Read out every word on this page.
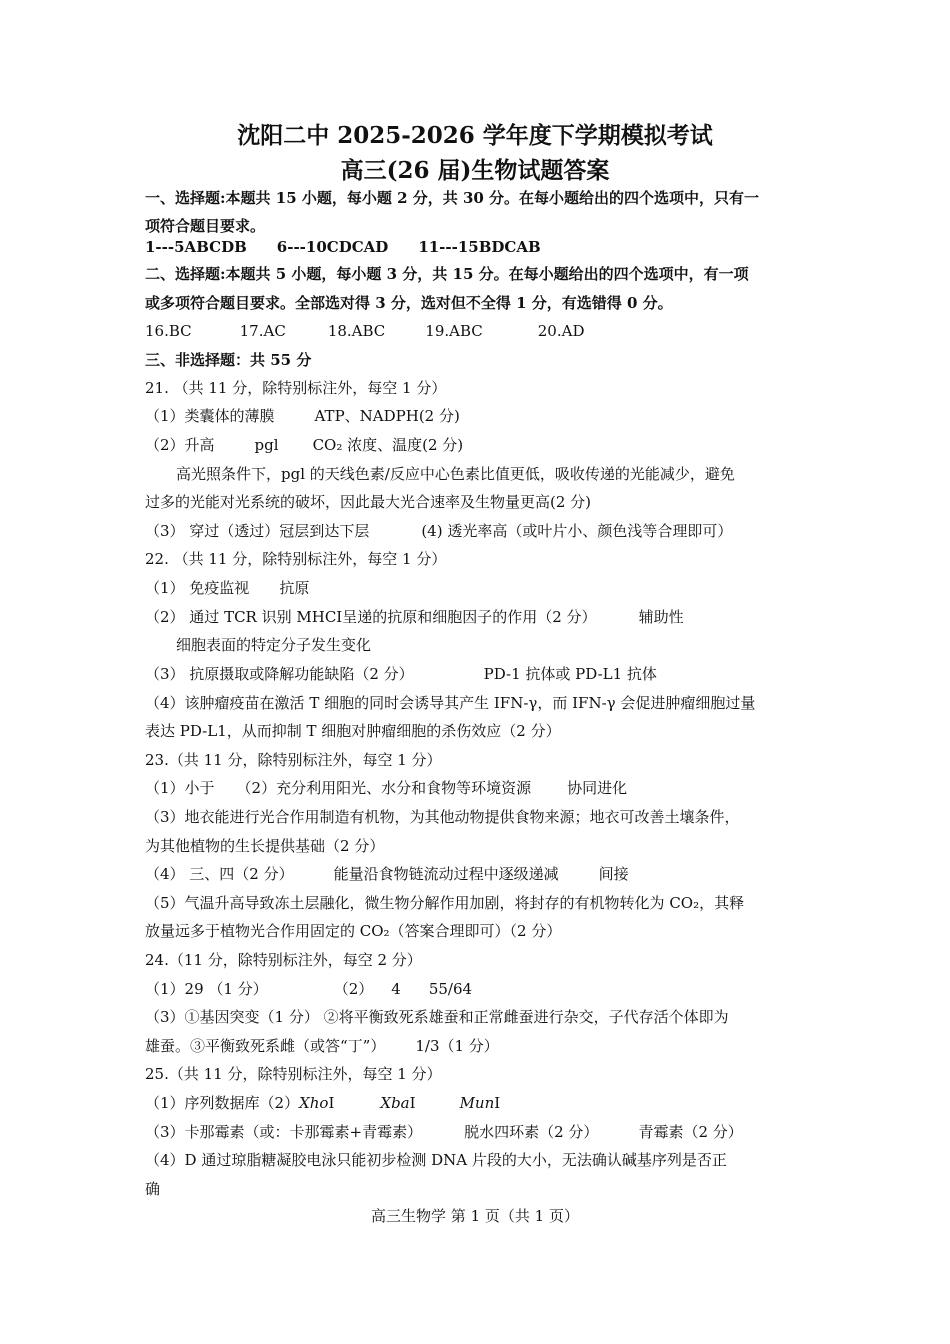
沈阳二中 2025-2026 学年度下学期模拟考试
高三(26 届)生物试题答案
一、选择题:本题共 15 小题，每小题 2 分，共 30 分。在每小题给出的四个选项中，只有一
项符合题目要求。
1---5ABCDB 6---10CDCAD 11---15BDCAB
二、选择题:本题共 5 小题，每小题 3 分，共 15 分。在每小题给出的四个选项中，有一项
或多项符合题目要求。全部选对得 3 分，选对但不全得 1 分，有选错得 0 分。
16.BC	17.AC	18.ABC	19.ABC	20.AD
三、非选择题：共 55 分
21. （共 11 分，除特别标注外，每空 1 分）
（1）类囊体的薄膜	ATP、NADPH(2 分)
（2）升高	pgl CO₂ 浓度、温度(2 分)
高光照条件下，pgl 的天线色素/反应中心色素比值更低，吸收传递的光能减少，避免
过多的光能对光系统的破坏，因此最大光合速率及生物量更高(2 分)
（3） 穿过（透过）冠层到达下层	(4) 透光率高（或叶片小、颜色浅等合理即可）
22. （共 11 分，除特别标注外，每空 1 分）
（1） 免疫监视 抗原
（2） 通过 TCR 识别 MHCI呈递的抗原和细胞因子的作用（2 分）	辅助性
细胞表面的特定分子发生变化
（3） 抗原摄取或降解功能缺陷（2 分）	PD-1 抗体或 PD-L1 抗体
（4）该肿瘤疫苗在激活 T 细胞的同时会诱导其产生 IFN-γ，而 IFN-γ 会促进肿瘤细胞过量
表达 PD-L1，从而抑制 T 细胞对肿瘤细胞的杀伤效应（2 分）
23.（共 11 分，除特别标注外，每空 1 分）
（1）小于 （2）充分利用阳光、水分和食物等环境资源 协同进化
（3）地衣能进行光合作用制造有机物，为其他动物提供食物来源；地衣可改善土壤条件，
为其他植物的生长提供基础（2 分）
（4） 三、四（2 分）	能量沿食物链流动过程中逐级递减	间接
（5）气温升高导致冻土层融化，微生物分解作用加剧，将封存的有机物转化为 CO₂，其释
放量远多于植物光合作用固定的 CO₂（答案合理即可）（2 分）
24.（11 分，除特别标注外，每空 2 分）
（1）29 （1 分）	（2） 4 55/64
（3）①基因突变（1 分） ②将平衡致死系雄蚕和正常雌蚕进行杂交，子代存活个体即为
雄蚕。③平衡致死系雌（或答“丁”） 1/3（1 分）
25.（共 11 分，除特别标注外，每空 1 分）
（1）序列数据库（2）XhoI	XbaI	MunI
（3）卡那霉素（或：卡那霉素+青霉素）	脱水四环素（2 分）	青霉素（2 分）
（4）D 通过琼脂糖凝胶电泳只能初步检测 DNA 片段的大小，无法确认碱基序列是否正
确
高三生物学 第 1 页（共 1 页）
